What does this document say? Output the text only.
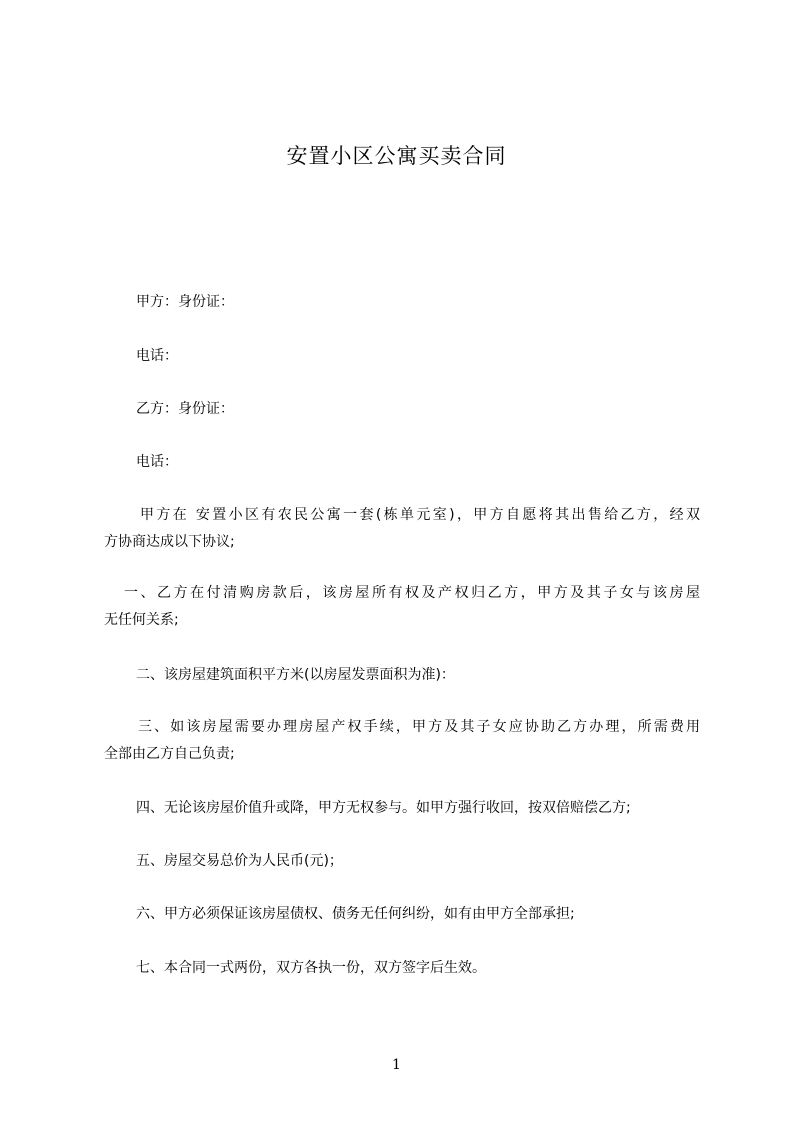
安置小区公寓买卖合同
甲方：身份证：
电话：
乙方：身份证：
电话：
甲方在 安置小区有农民公寓一套(栋单元室)，甲方自愿将其出售给乙方，经双
方协商达成以下协议;
一、乙方在付清购房款后，该房屋所有权及产权归乙方，甲方及其子女与该房屋
无任何关系;
二、该房屋建筑面积平方米(以房屋发票面积为准)：
三、如该房屋需要办理房屋产权手续，甲方及其子女应协助乙方办理，所需费用
全部由乙方自己负责;
四、无论该房屋价值升或降，甲方无权参与。如甲方强行收回，按双倍赔偿乙方;
五、房屋交易总价为人民币(元)；
六、甲方必须保证该房屋债权、债务无任何纠纷，如有由甲方全部承担;
七、本合同一式两份，双方各执一份，双方签字后生效。
1
